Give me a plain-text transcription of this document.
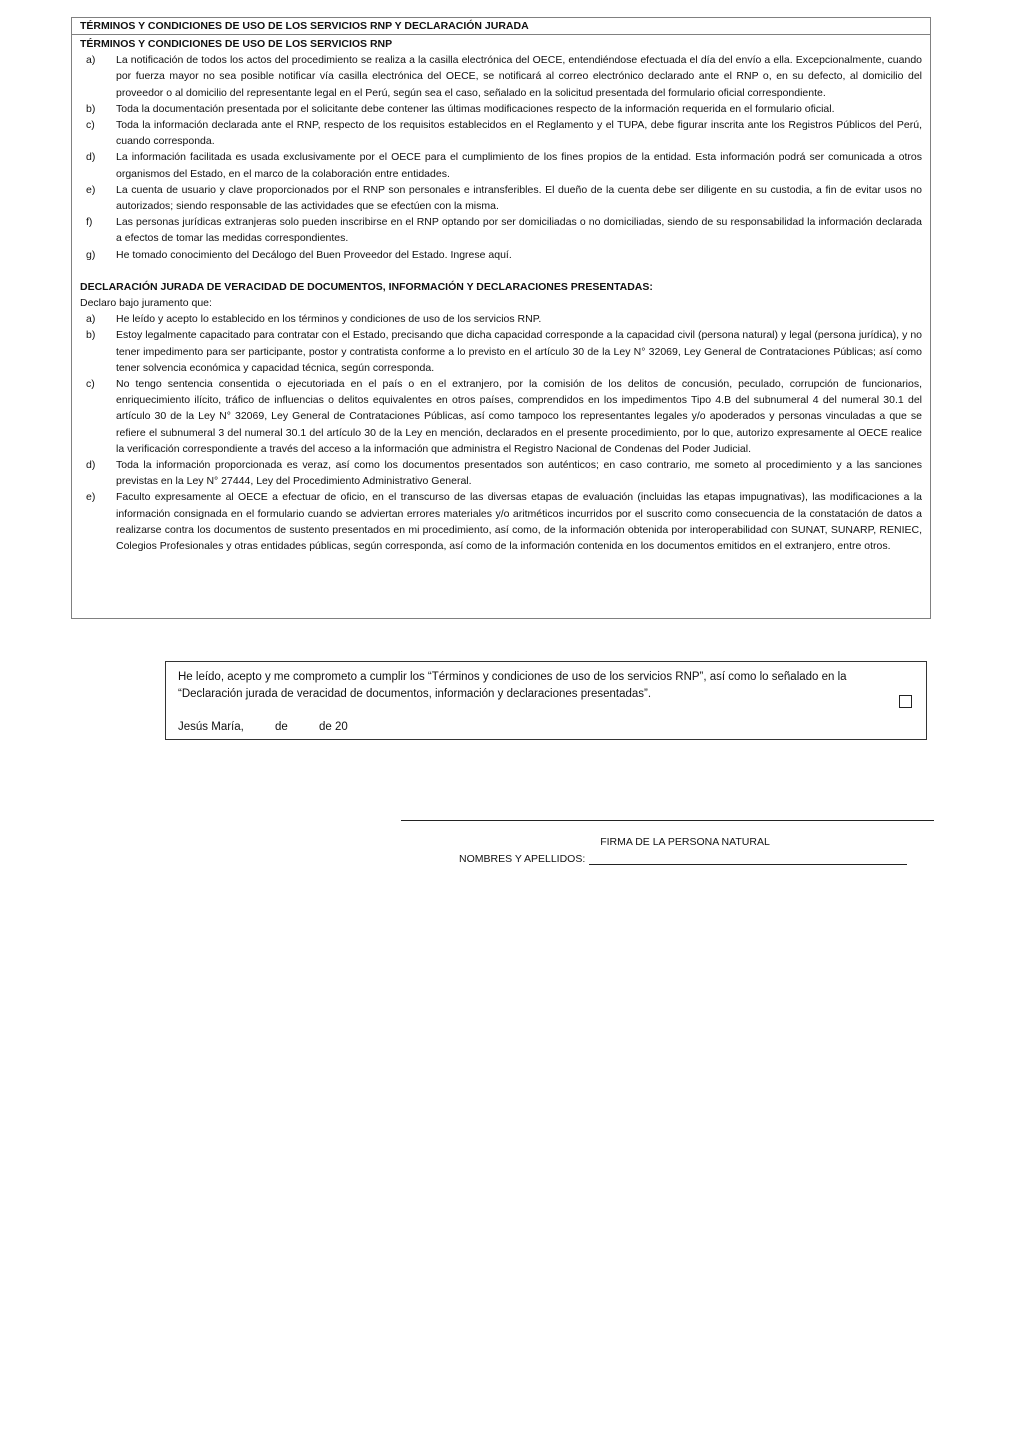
TÉRMINOS Y CONDICIONES DE USO DE LOS SERVICIOS RNP Y DECLARACIÓN JURADA
TÉRMINOS Y CONDICIONES DE USO DE LOS SERVICIOS RNP
a)	La notificación de todos los actos del procedimiento se realiza a la casilla electrónica del OECE, entendiéndose efectuada el día del envío a ella. Excepcionalmente, cuando por fuerza mayor no sea posible notificar vía casilla electrónica del OECE, se notificará al correo electrónico declarado ante el RNP o, en su defecto, al domicilio del proveedor o al domicilio del representante legal en el Perú, según sea el caso, señalado en la solicitud presentada del formulario oficial correspondiente.
b)	Toda la documentación presentada por el solicitante debe contener las últimas modificaciones respecto de la información requerida en el formulario oficial.
c)	Toda la información declarada ante el RNP, respecto de los requisitos establecidos en el Reglamento y el TUPA, debe figurar inscrita ante los Registros Públicos del Perú, cuando corresponda.
d)	La información facilitada es usada exclusivamente por el OECE para el cumplimiento de los fines propios de la entidad. Esta información podrá ser comunicada a otros organismos del Estado, en el marco de la colaboración entre entidades.
e)	La cuenta de usuario y clave proporcionados por el RNP son personales e intransferibles. El dueño de la cuenta debe ser diligente en su custodia, a fin de evitar usos no autorizados; siendo responsable de las actividades que se efectúen con la misma.
f)	Las personas jurídicas extranjeras solo pueden inscribirse en el RNP optando por ser domiciliadas o no domiciliadas, siendo de su responsabilidad la información declarada a efectos de tomar las medidas correspondientes.
g)	He tomado conocimiento del Decálogo del Buen Proveedor del Estado. Ingrese aquí.
DECLARACIÓN JURADA DE VERACIDAD DE DOCUMENTOS, INFORMACIÓN Y DECLARACIONES PRESENTADAS:
Declaro bajo juramento que:
a)	He leído y acepto lo establecido en los términos y condiciones de uso de los servicios RNP.
b)	Estoy legalmente capacitado para contratar con el Estado, precisando que dicha capacidad corresponde a la capacidad civil (persona natural) y legal (persona jurídica), y no tener impedimento para ser participante, postor y contratista conforme a lo previsto en el artículo 30 de la Ley N° 32069, Ley General de Contrataciones Públicas; así como tener solvencia económica y capacidad técnica, según corresponda.
c)	No tengo sentencia consentida o ejecutoriada en el país o en el extranjero, por la comisión de los delitos de concusión, peculado, corrupción de funcionarios, enriquecimiento ilícito, tráfico de influencias o delitos equivalentes en otros países, comprendidos en los impedimentos Tipo 4.B del subnumeral 4 del numeral 30.1 del artículo 30 de la Ley N° 32069, Ley General de Contrataciones Públicas, así como tampoco los representantes legales y/o apoderados y personas vinculadas a que se refiere el subnumeral 3 del numeral 30.1 del artículo 30 de la Ley en mención, declarados en el presente procedimiento, por lo que, autorizo expresamente al OECE realice la verificación correspondiente a través del acceso a la información que administra el Registro Nacional de Condenas del Poder Judicial.
d)	Toda la información proporcionada es veraz, así como los documentos presentados son auténticos; en caso contrario, me someto al procedimiento y a las sanciones previstas en la Ley N° 27444, Ley del Procedimiento Administrativo General.
e)	Faculto expresamente al OECE a efectuar de oficio, en el transcurso de las diversas etapas de evaluación (incluidas las etapas impugnativas), las modificaciones a la información consignada en el formulario cuando se adviertan errores materiales y/o aritméticos incurridos por el suscrito como consecuencia de la constatación de datos a realizarse contra los documentos de sustento presentados en mi procedimiento, así como, de la información obtenida por interoperabilidad con SUNAT, SUNARP, RENIEC, Colegios Profesionales y otras entidades públicas, según corresponda, así como de la información contenida en los documentos emitidos en el extranjero, entre otros.
He leído, acepto y me comprometo a cumplir los “Términos y condiciones de uso de los servicios RNP”, así como lo señalado en la “Declaración jurada de veracidad de documentos, información y declaraciones presentadas”.
Jesús María,	de	de 20
FIRMA DE LA PERSONA NATURAL
NOMBRES Y APELLIDOS:
